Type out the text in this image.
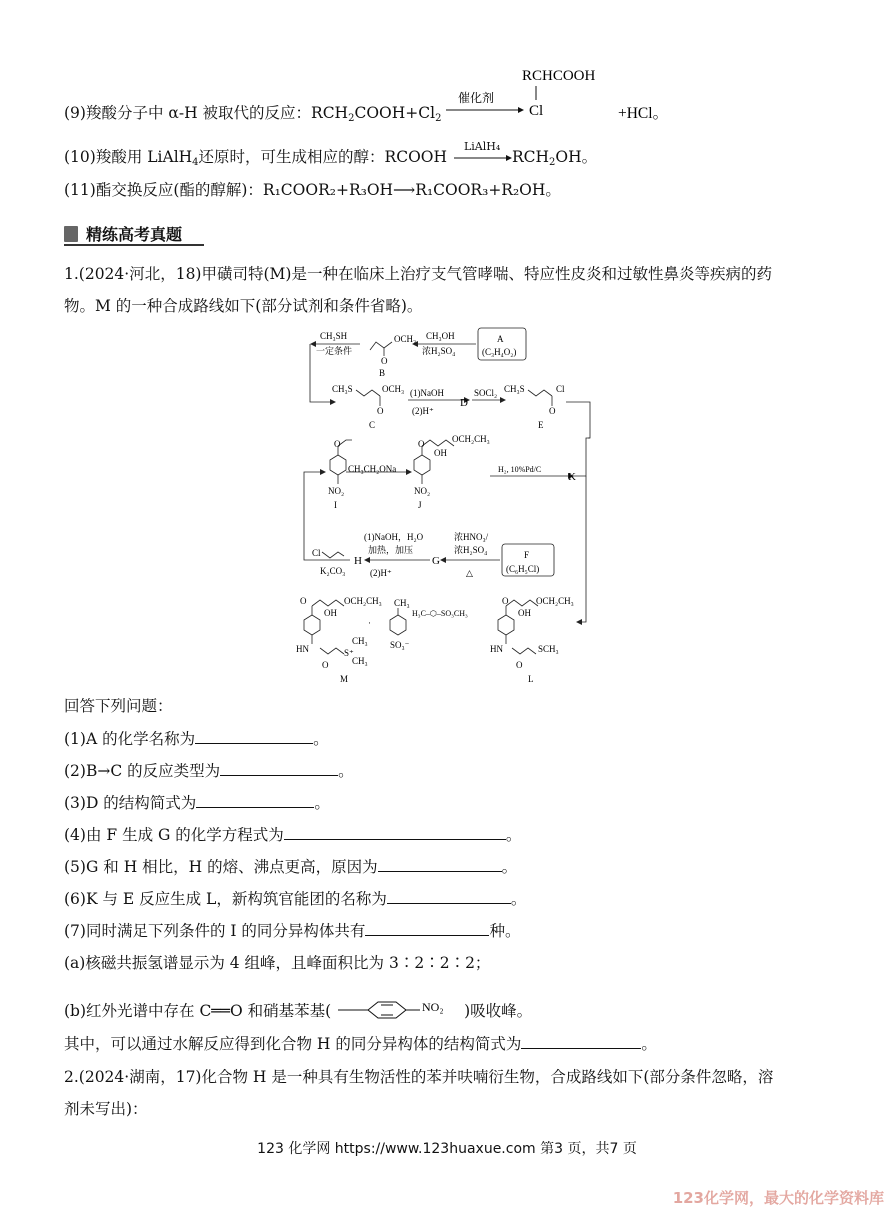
(9)羧酸分子中 α-H 被取代的反应：$RCH_2COOH+Cl_2$
催化剂
RCHCOOH
Cl	+HCl。
(10)羧酸用 LiAlH$_4$还原时，可生成相应的醇：RCOOH
LiAlH₄
$RCH_2OH$。
(11)酯交换反应(酯的醇解)：R₁COOR₂+R₃OH⟶R₁COOR₃+R₂OH。
精练高考真题
1.(2024·河北，18)甲磺司特(M)是一种在临床上治疗支气管哮喘、特应性皮炎和过敏性鼻炎等疾病的药
物。M 的一种合成路线如下(部分试剂和条件省略)。
CH₃SH
一定条件
OCH₃
O
B
CH₃OH
浓H₂SO₄
A
(C₃H₄O₂)
CH₃S	OCH₃
O
C
(1)NaOH
(2)H⁺
D
SOCl₂ CH₃S	Cl
O
E
O
NO₂
I
CH₃CH₂ONa
O	OCH₂CH₃
OH
NO₂
J
H₂, 10%Pd/C
K
Cl
K₂CO₃
H
(1)NaOH，H₂O
加热，加压
(2)H⁺
G
浓HNO₃/
浓H₂SO₄
△
F
(C₆H₅Cl)
O	OCH₂CH₃
OH
HN	S⁺
CH₃
CH₃
O
M
·
CH₃
SO₃⁻
H₃C–⬡–SO₃CH₃
O	OCH₂CH₃
OH
HN	SCH₃
O
L
回答下列问题：
(1)A 的化学名称为	。
(2)B→C 的反应类型为	。
(3)D 的结构简式为	。
(4)由 F 生成 G 的化学方程式为	。
(5)G 和 H 相比，H 的熔、沸点更高，原因为	。
(6)K 与 E 反应生成 L，新构筑官能团的名称为	。
(7)同时满足下列条件的 I 的同分异构体共有	种。
(a)核磁共振氢谱显示为 4 组峰，且峰面积比为 3∶2∶2∶2；
(b)红外光谱中存在 C══O 和硝基苯基(	NO₂ )吸收峰。
其中，可以通过水解反应得到化合物 H 的同分异构体的结构简式为	。
2.(2024·湖南，17)化合物 H 是一种具有生物活性的苯并呋喃衍生物，合成路线如下(部分条件忽略，溶
剂未写出)：
123 化学网 https://www.123huaxue.com 第3 页，共7 页
123化学网，最大的化学资料库
